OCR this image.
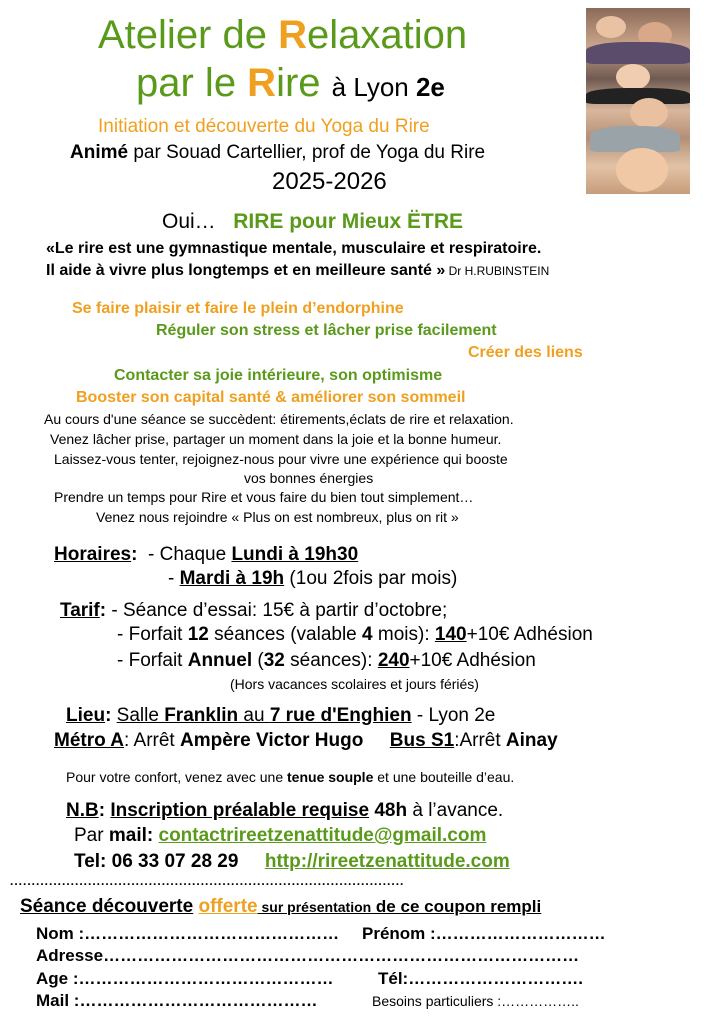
Atelier de Relaxation
par le Rire à Lyon 2e
Initiation et découverte du Yoga du Rire
Animé par Souad Cartellier, prof de Yoga du Rire
2025-2026
Oui… RIRE pour Mieux ËTRE
«Le rire est une gymnastique mentale, musculaire et respiratoire.
Il aide à vivre plus longtemps et en meilleure santé » Dr H.RUBINSTEIN
Se faire plaisir et faire le plein d’endorphine
Réguler son stress et lâcher prise facilement
Créer des liens
Contacter sa joie intérieure, son optimisme
Booster son capital santé & améliorer son sommeil
Au cours d'une séance se succèdent: étirements,éclats de rire et relaxation.
Venez lâcher prise, partager un moment dans la joie et la bonne humeur.
Laissez-vous tenter, rejoignez-nous pour vivre une expérience qui booste
vos bonnes énergies
Prendre un temps pour Rire et vous faire du bien tout simplement…
Venez nous rejoindre « Plus on est nombreux, plus on rit »
Horaires: - Chaque Lundi à 19h30
- Mardi à 19h (1ou 2fois par mois)
Tarif: - Séance d’essai: 15€ à partir d’octobre;
- Forfait 12 séances (valable 4 mois): 140+10€ Adhésion
- Forfait Annuel (32 séances): 240+10€ Adhésion
(Hors vacances scolaires et jours fériés)
Lieu: Salle Franklin au 7 rue d'Enghien - Lyon 2e
Métro A: Arrêt Ampère Victor Hugo Bus S1:Arrêt Ainay
Pour votre confort, venez avec une tenue souple et une bouteille d’eau.
N.B: Inscription préalable requise 48h à l’avance.
Par mail: contactrireetzenattitude@gmail.com
Tel: 06 33 07 28 29 http://rireetzenattitude.com
...........................................................................................
Séance découverte offerte sur présentation de ce coupon rempli
Nom :……………………………………… Prénom :…………………………
Adresse…………………………………………………………………………
Age :………………………………………	Tél:………………………….
Mail :……………………………………	Besoins particuliers :……………..
